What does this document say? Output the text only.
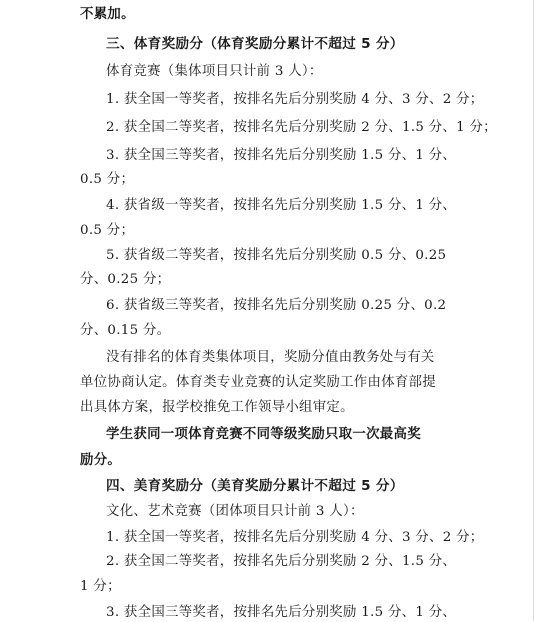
不累加。
三、体育奖励分（体育奖励分累计不超过 5 分）
体育竞赛（集体项目只计前 3 人）：
1. 获全国一等奖者，按排名先后分别奖励 4 分、3 分、2 分；
2. 获全国二等奖者，按排名先后分别奖励 2 分、1.5 分、1 分；
3. 获全国三等奖者，按排名先后分别奖励 1.5 分、1 分、
0.5 分；
4. 获省级一等奖者，按排名先后分别奖励 1.5 分、1 分、
0.5 分；
5. 获省级二等奖者，按排名先后分别奖励 0.5 分、0.25
分、0.25 分；
6. 获省级三等奖者，按排名先后分别奖励 0.25 分、0.2
分、0.15 分。
没有排名的体育类集体项目，奖励分值由教务处与有关
单位协商认定。体育类专业竞赛的认定奖励工作由体育部提
出具体方案，报学校推免工作领导小组审定。
学生获同一项体育竞赛不同等级奖励只取一次最高奖
励分。
四、美育奖励分（美育奖励分累计不超过 5 分）
文化、艺术竞赛（团体项目只计前 3 人）：
1. 获全国一等奖者，按排名先后分别奖励 4 分、3 分、2 分；
2. 获全国二等奖者，按排名先后分别奖励 2 分、1.5 分、
1 分；
3. 获全国三等奖者，按排名先后分别奖励 1.5 分、1 分、
